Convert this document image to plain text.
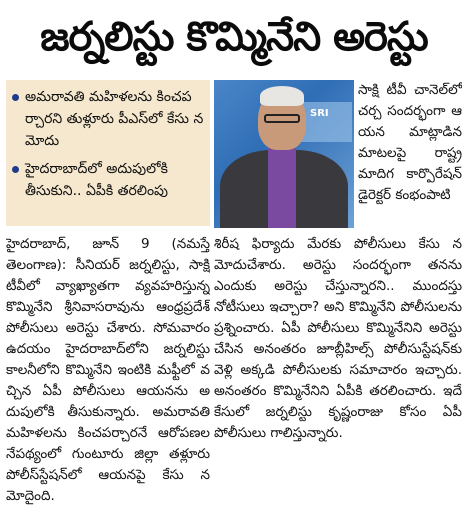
జర్నలిస్టు కొమ్మినేని అరెస్టు
అమరావతి మహిళలను కించపర్చారని తుళ్లూరు పీఎస్‌లో కేసు నమోదు
హైదరాబాద్‌లో అదుపులోకి తీసుకుని.. ఏపీకి తరలింపు
SRI
సాక్షి టీవీ చానెల్‌లో చర్చ సందర్భంగా ఆయన మాట్లాడిన మాటలపై రాష్ట్ర మాదిగ కార్పొరేషన్ డైరెక్టర్ కంభంపాటి
హైదరాబాద్, జూన్ 9 (నమస్తే తెలంగాణ): సీనియర్ జర్నలిస్టు, సాక్షి టీవీలో వ్యాఖ్యాతగా వ్యవహరిస్తున్న కొమ్మినేని శ్రీనివాసరావును ఆంధ్రప్రదేశ్ పోలీసులు అరెస్టు చేశారు. సోమవారం ఉదయం హైదరాబాద్‌లోని జర్నలిస్టు కాలనీలోని కొమ్మినేని ఇంటికి మఫ్టీలో వచ్చిన ఏపీ పోలీసులు ఆయనను అదుపులోకి తీసుకున్నారు. అమరావతి మహిళలను కించపర్చారనే ఆరోపణల నేపథ్యంలో గుంటూరు జిల్లా తళ్లూరు పోలీస్‌స్టేషన్‌లో ఆయనపై కేసు నమోదైంది.
శిరీష ఫిర్యాదు మేరకు పోలీసులు కేసు నమోదుచేశారు. అరెస్టు సందర్భంగా తనను ఎందుకు అరెస్టు చేస్తున్నారని.. ముందస్తు నోటీసులు ఇచ్చారా? అని కొమ్మినేని పోలీసులను ప్రశ్నించారు. ఏపీ పోలీసులు కొమ్మినేనిని అరెస్టు చేసిన అనంతరం జూబ్లీహిల్స్ పోలీసుస్టేషన్‌కు వెళ్లి అక్కడి పోలీసులకు సమాచారం ఇచ్చారు. అనంతరం కొమ్మినేనిని ఏపీకి తరలించారు. ఇదే కేసులో జర్నలిస్టు కృష్ణంరాజు కోసం ఏపీ పోలీసులు గాలిస్తున్నారు.
